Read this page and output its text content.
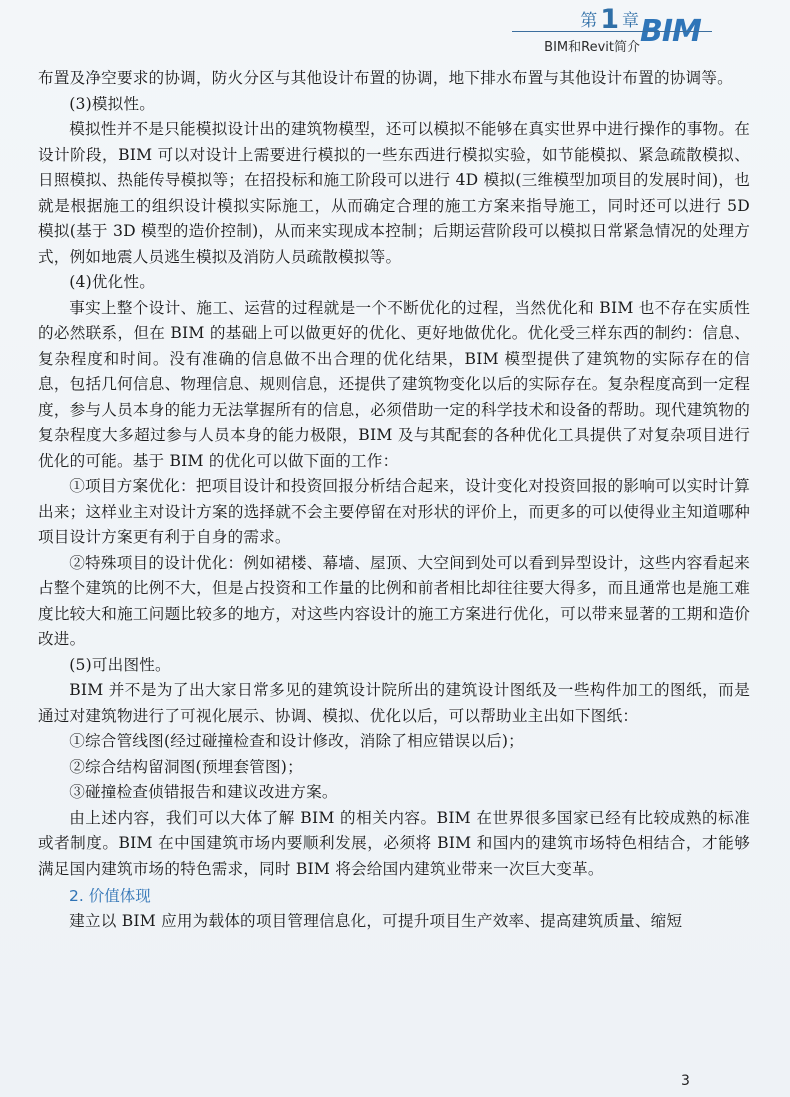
第1 章 BIM
BIM和Revit简介

布置及净空要求的协调，防火分区与其他设计布置的协调，地下排水布置与其他设计布置的协调等。

(3)模拟性。

模拟性并不是只能模拟设计出的建筑物模型，还可以模拟不能够在真实世界中进行操作的事物。在设计阶段，BIM 可以对设计上需要进行模拟的一些东西进行模拟实验，如节能模拟、紧急疏散模拟、日照模拟、热能传导模拟等；在招投标和施工阶段可以进行 4D 模拟(三维模型加项目的发展时间)，也就是根据施工的组织设计模拟实际施工，从而确定合理的施工方案来指导施工，同时还可以进行 5D 模拟(基于 3D 模型的造价控制)，从而来实现成本控制；后期运营阶段可以模拟日常紧急情况的处理方式，例如地震人员逃生模拟及消防人员疏散模拟等。

(4)优化性。

事实上整个设计、施工、运营的过程就是一个不断优化的过程，当然优化和 BIM 也不存在实质性的必然联系，但在 BIM 的基础上可以做更好的优化、更好地做优化。优化受三样东西的制约：信息、复杂程度和时间。没有准确的信息做不出合理的优化结果，BIM 模型提供了建筑物的实际存在的信息，包括几何信息、物理信息、规则信息，还提供了建筑物变化以后的实际存在。复杂程度高到一定程度，参与人员本身的能力无法掌握所有的信息，必须借助一定的科学技术和设备的帮助。现代建筑物的复杂程度大多超过参与人员本身的能力极限，BIM 及与其配套的各种优化工具提供了对复杂项目进行优化的可能。基于 BIM 的优化可以做下面的工作：

①项目方案优化：把项目设计和投资回报分析结合起来，设计变化对投资回报的影响可以实时计算出来；这样业主对设计方案的选择就不会主要停留在对形状的评价上，而更多的可以使得业主知道哪种项目设计方案更有利于自身的需求。

②特殊项目的设计优化：例如裙楼、幕墙、屋顶、大空间到处可以看到异型设计，这些内容看起来占整个建筑的比例不大，但是占投资和工作量的比例和前者相比却往往要大得多，而且通常也是施工难度比较大和施工问题比较多的地方，对这些内容设计的施工方案进行优化，可以带来显著的工期和造价改进。

(5)可出图性。

BIM 并不是为了出大家日常多见的建筑设计院所出的建筑设计图纸及一些构件加工的图纸，而是通过对建筑物进行了可视化展示、协调、模拟、优化以后，可以帮助业主出如下图纸：

①综合管线图(经过碰撞检查和设计修改，消除了相应错误以后)；

②综合结构留洞图(预埋套管图)；

③碰撞检查侦错报告和建议改进方案。

由上述内容，我们可以大体了解 BIM 的相关内容。BIM 在世界很多国家已经有比较成熟的标准或者制度。BIM 在中国建筑市场内要顺利发展，必须将 BIM 和国内的建筑市场特色相结合，才能够满足国内建筑市场的特色需求，同时 BIM 将会给国内建筑业带来一次巨大变革。

2. 价值体现

建立以 BIM 应用为载体的项目管理信息化，可提升项目生产效率、提高建筑质量、缩短

3
